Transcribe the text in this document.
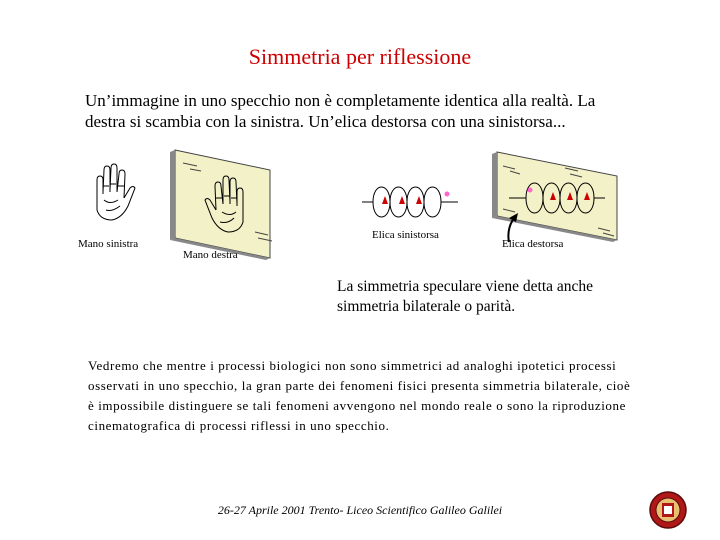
Simmetria per riflessione
Un’immagine in uno specchio non è completamente identica alla realtà. La destra si scambia con la sinistra. Un’elica destorsa con una sinistorsa...
Mano sinistra
Mano destra
Elica sinistorsa
Elica destorsa
La simmetria speculare viene detta anche simmetria bilaterale o parità.
Vedremo che mentre i processi biologici non sono simmetrici ad analoghi ipotetici processi osservati in uno specchio, la gran parte dei fenomeni fisici presenta simmetria bilaterale, cioè è impossibile distinguere se tali fenomeni avvengono nel mondo reale o sono la riproduzione cinematografica di processi riflessi in uno specchio.
26-27 Aprile 2001 Trento- Liceo Scientifico Galileo Galilei
